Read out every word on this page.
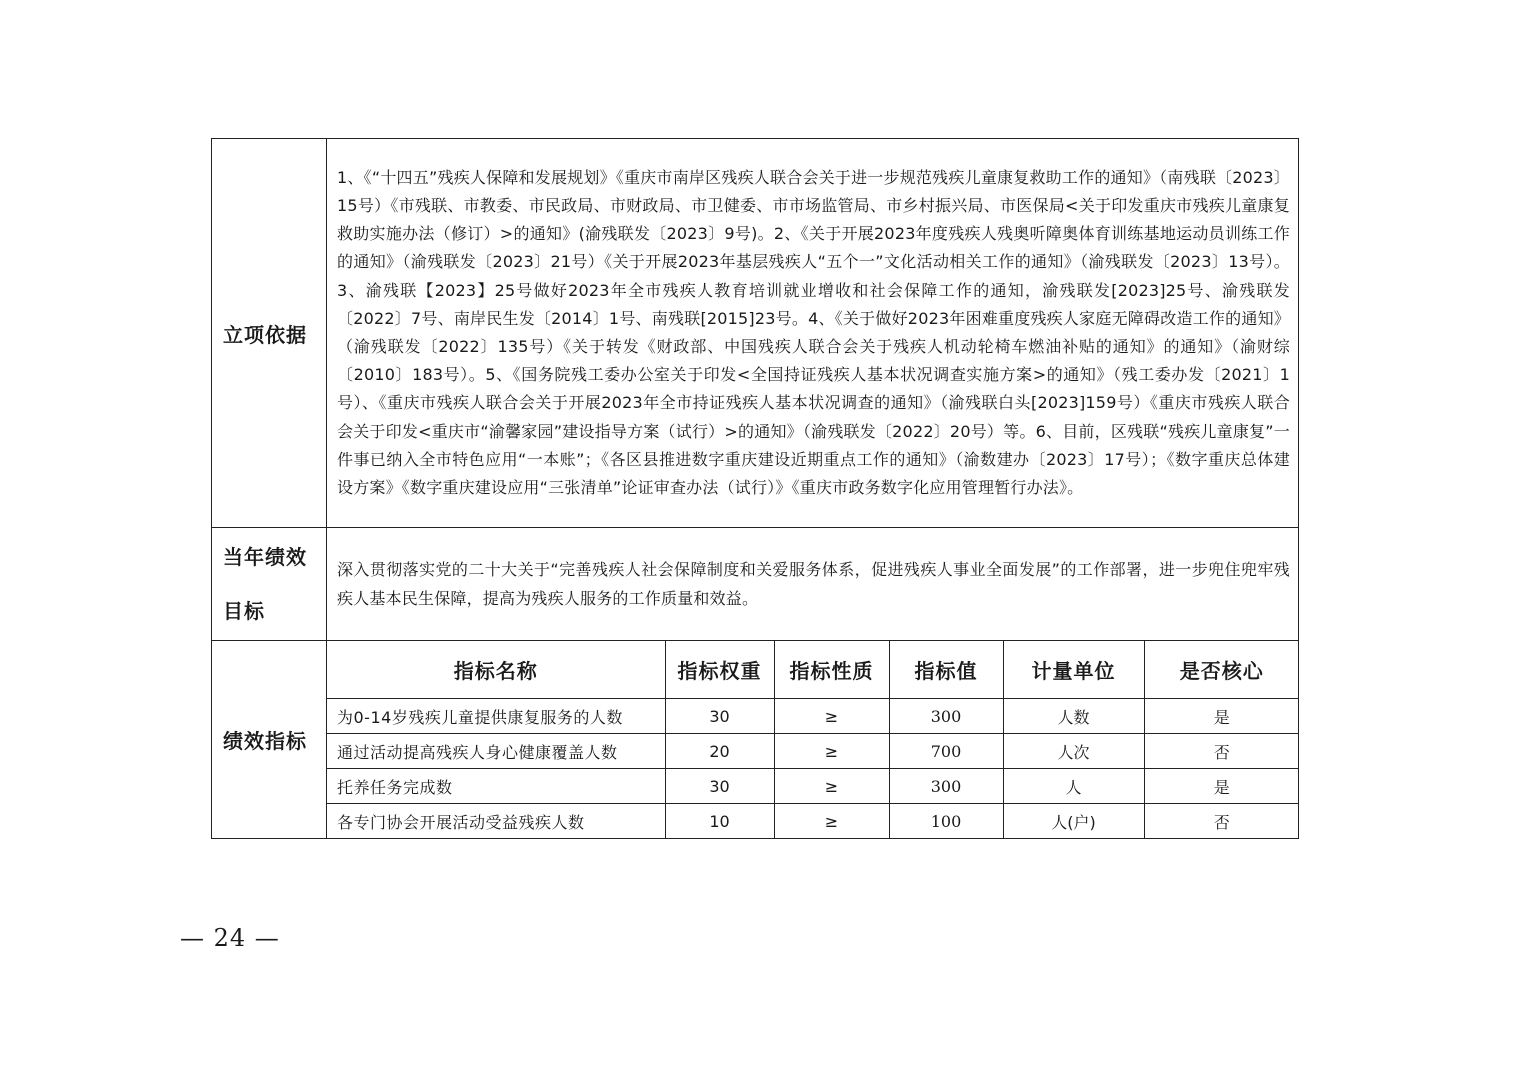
立项依据	1、《“十四五”残疾人保障和发展规划》《重庆市南岸区残疾人联合会关于进一步规范残疾儿童康复救助工作的通知》（南残联〔2023〕15号）《市残联、市教委、市民政局、市财政局、市卫健委、市市场监管局、市乡村振兴局、市医保局<关于印发重庆市残疾儿童康复救助实施办法（修订）>的通知》(渝残联发〔2023〕9号)。2、《关于开展2023年度残疾人残奥听障奥体育训练基地运动员训练工作的通知》（渝残联发〔2023〕21号）《关于开展2023年基层残疾人“五个一”文化活动相关工作的通知》（渝残联发〔2023〕13号）。3、渝残联【2023】25号做好2023年全市残疾人教育培训就业增收和社会保障工作的通知，渝残联发[2023]25号、渝残联发〔2022〕7号、南岸民生发〔2014〕1号、南残联[2015]23号。4、《关于做好2023年困难重度残疾人家庭无障碍改造工作的通知》（渝残联发〔2022〕135号）《关于转发《财政部、中国残疾人联合会关于残疾人机动轮椅车燃油补贴的通知》的通知》（渝财综〔2010〕183号）。5、《国务院残工委办公室关于印发<全国持证残疾人基本状况调查实施方案>的通知》（残工委办发〔2021〕1号）、《重庆市残疾人联合会关于开展2023年全市持证残疾人基本状况调查的通知》（渝残联白头[2023]159号）《重庆市残疾人联合会关于印发<重庆市“渝馨家园”建设指导方案（试行）>的通知》（渝残联发〔2022〕20号）等。6、目前，区残联“残疾儿童康复”一件事已纳入全市特色应用“一本账”；《各区县推进数字重庆建设近期重点工作的通知》（渝数建办〔2023〕17号）；《数字重庆总体建设方案》《数字重庆建设应用“三张清单”论证审查办法（试行）》《重庆市政务数字化应用管理暂行办法》。

当年绩效
目标
	深入贯彻落实党的二十大关于“完善残疾人社会保障制度和关爱服务体系，促进残疾人事业全面发展”的工作部署，进一步兜住兜牢残疾人基本民生保障，提高为残疾人服务的工作质量和效益。
绩效指标	
指标名称	指标权重	指标性质	指标值	计量单位	是否核心
为0-14岁残疾儿童提供康复服务的人数	30	≥	300	人数	是
通过活动提高残疾人身心健康覆盖人数	20	≥	700	人次	否
托养任务完成数	30	≥	300	人	是
各专门协会开展活动受益残疾人数	10	≥	100	人(户)	否
— 24 —
